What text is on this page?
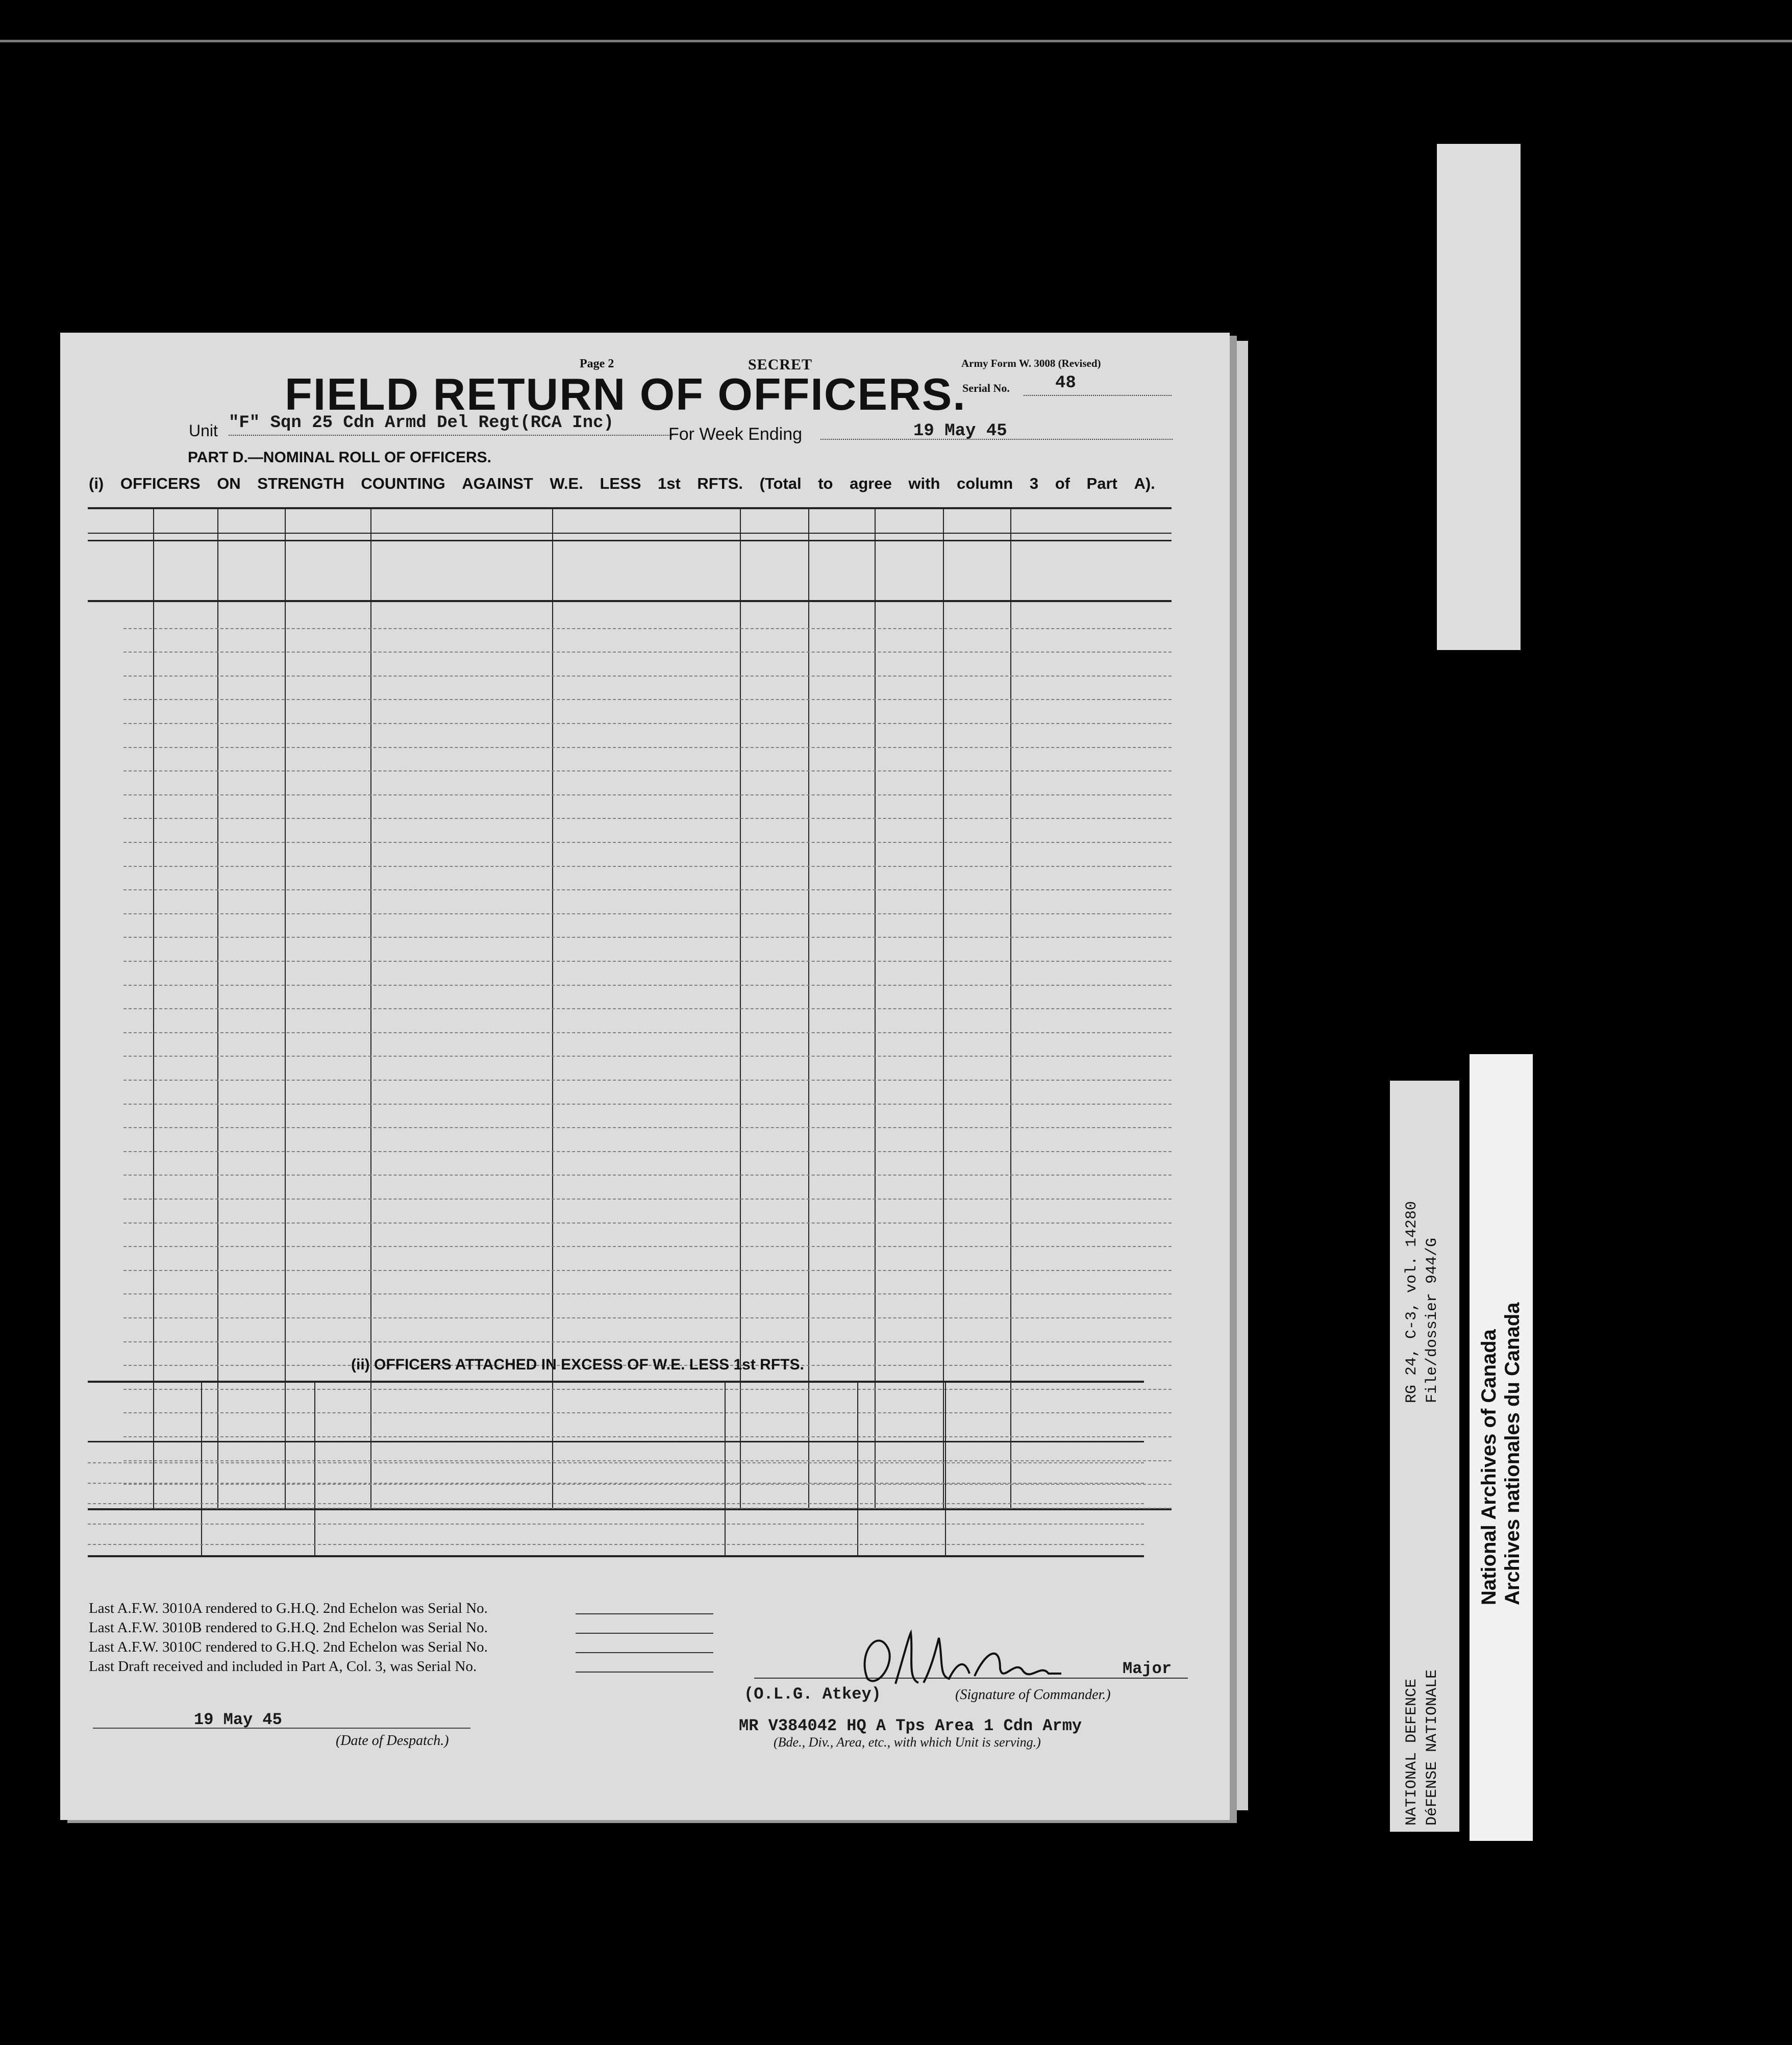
Page 2	SECRET	Army Form W. 3008 (Revised)
FIELD RETURN OF OFFICERS.
Serial No.	48
Unit "F" Sqn 25 Cdn Armd Del Regt(RCA Inc)
For Week Ending	19 May 45
PART D.—NOMINAL ROLL OF OFFICERS.
(i) OFFICERS ON STRENGTH COUNTING AGAINST W.E. LESS 1st RFTS. (Total to agree with column 3 of Part A).
(ii) OFFICERS ATTACHED IN EXCESS OF W.E. LESS 1st RFTS.
Last A.F.W. 3010A rendered to G.H.Q. 2nd Echelon was Serial No.
Last A.F.W. 3010B rendered to G.H.Q. 2nd Echelon was Serial No.
Last A.F.W. 3010C rendered to G.H.Q. 2nd Echelon was Serial No.
Last Draft received and included in Part A, Col. 3, was Serial No.
19 May 45
(Date of Despatch.)
Major
(O.L.G. Atkey)	(Signature of Commander.)
MR V384042 HQ A Tps Area 1 Cdn Army
(Bde., Div., Area, etc., with which Unit is serving.)
RG 24, C-3, vol. 14280 File/dossier 944/G
NATIONAL DEFENCE DéFENSE NATIONALE
National Archives of Canada Archives nationales du Canada
